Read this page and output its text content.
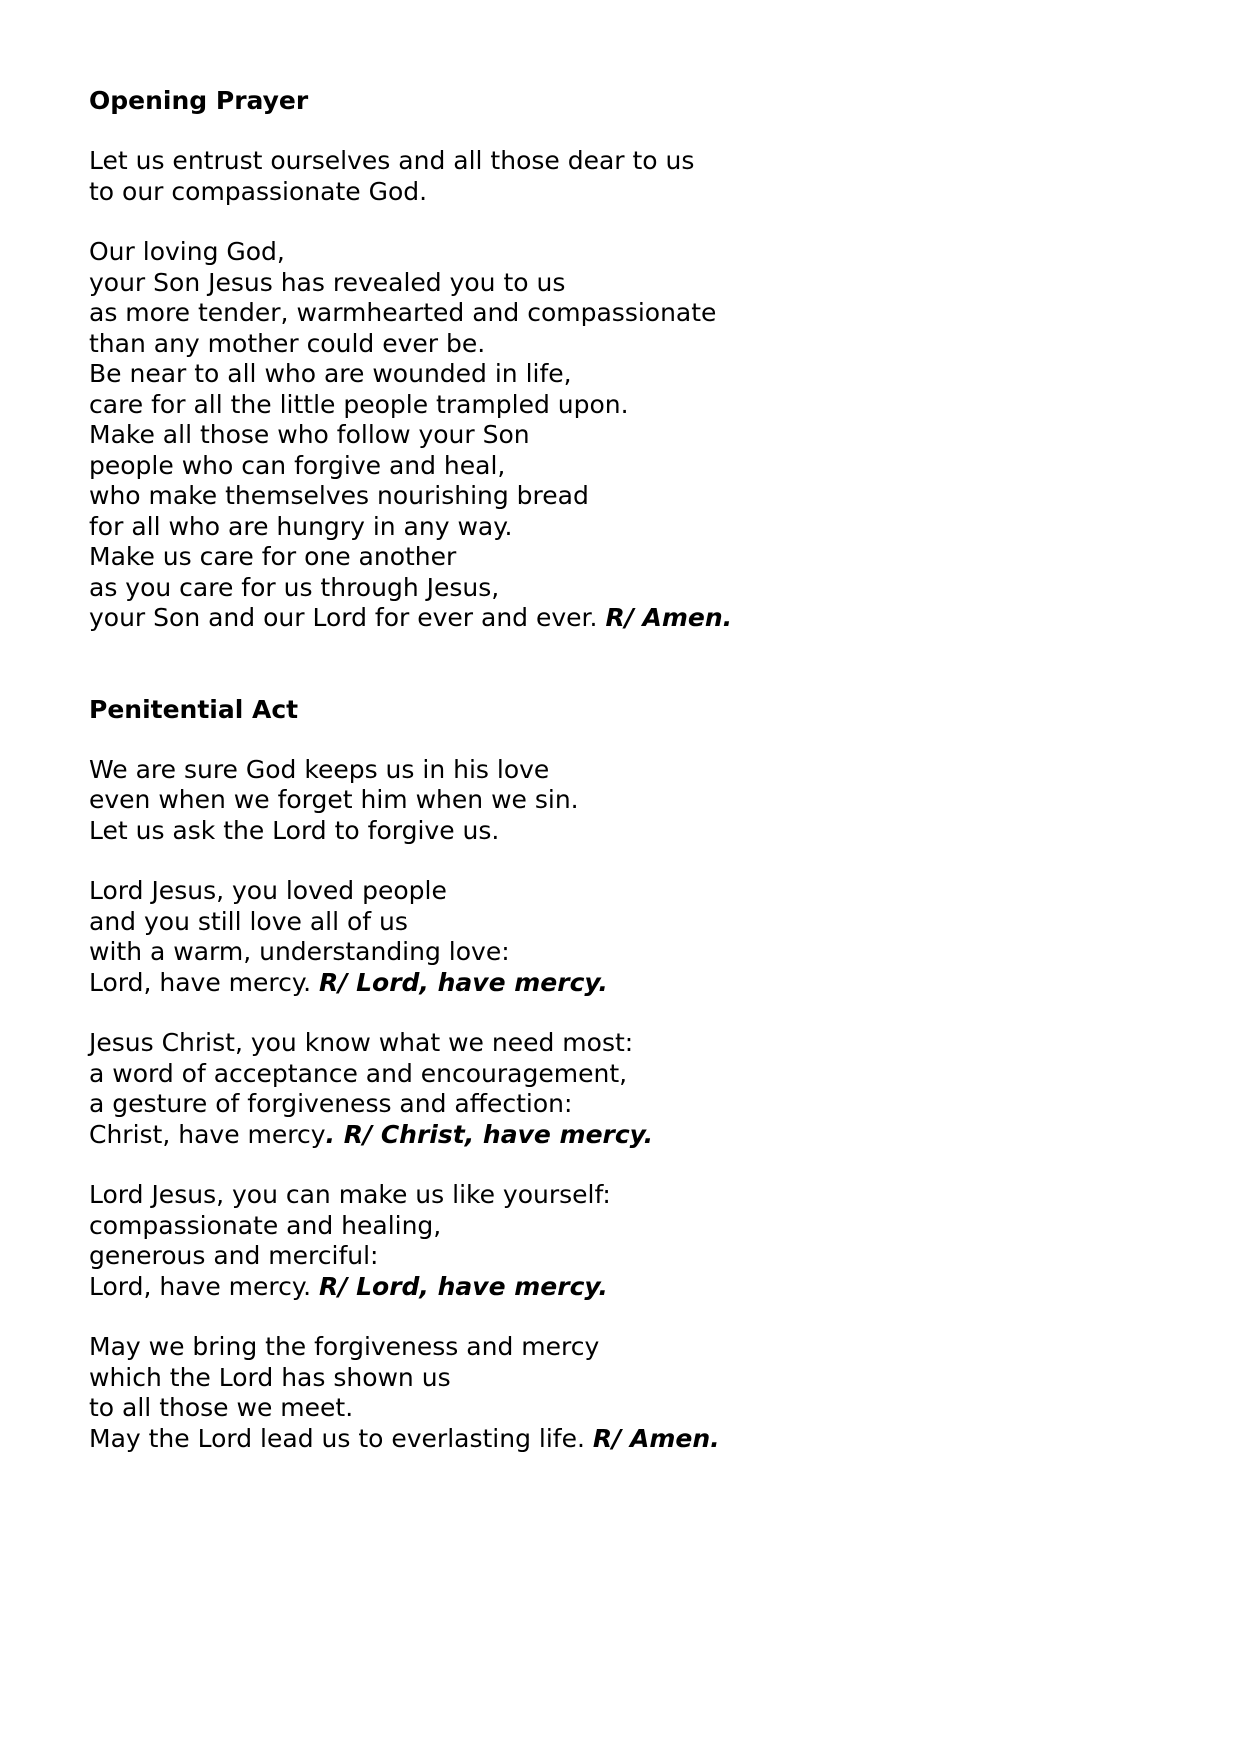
Opening Prayer
Let us entrust ourselves and all those dear to us
to our compassionate God.
Our loving God,
your Son Jesus has revealed you to us
as more tender, warmhearted and compassionate
than any mother could ever be.
Be near to all who are wounded in life,
care for all the little people trampled upon.
Make all those who follow your Son
people who can forgive and heal,
who make themselves nourishing bread
for all who are hungry in any way.
Make us care for one another
as you care for us through Jesus,
your Son and our Lord for ever and ever. R/ Amen.
Penitential Act
We are sure God keeps us in his love
even when we forget him when we sin.
Let us ask the Lord to forgive us.
Lord Jesus, you loved people
and you still love all of us
with a warm, understanding love:
Lord, have mercy. R/ Lord, have mercy.
Jesus Christ, you know what we need most:
a word of acceptance and encouragement,
a gesture of forgiveness and affection:
Christ, have mercy. R/ Christ, have mercy.
Lord Jesus, you can make us like yourself:
compassionate and healing,
generous and merciful:
Lord, have mercy. R/ Lord, have mercy.
May we bring the forgiveness and mercy
which the Lord has shown us
to all those we meet.
May the Lord lead us to everlasting life. R/ Amen.
